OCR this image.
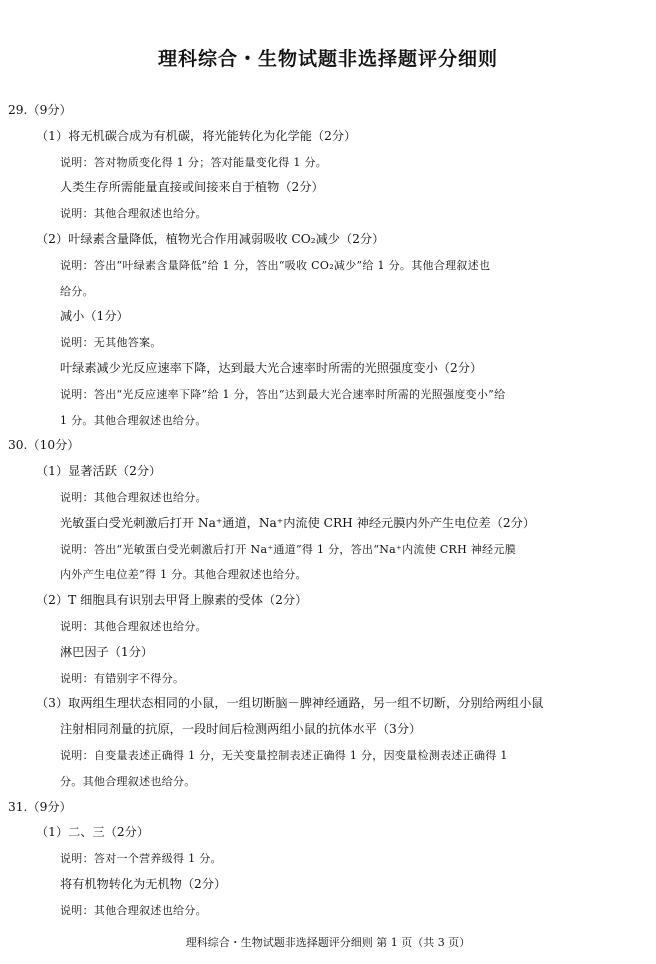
理科综合・生物试题非选择题评分细则
29.（9分）
（1）将无机碳合成为有机碳，将光能转化为化学能（2分）
说明：答对物质变化得 1 分；答对能量变化得 1 分。
人类生存所需能量直接或间接来自于植物（2分）
说明：其他合理叙述也给分。
（2）叶绿素含量降低，植物光合作用减弱吸收 CO₂减少（2分）
说明：答出“叶绿素含量降低”给 1 分，答出“吸收 CO₂减少”给 1 分。其他合理叙述也
给分。
减小（1分）
说明：无其他答案。
叶绿素减少光反应速率下降，达到最大光合速率时所需的光照强度变小（2分）
说明：答出“光反应速率下降”给 1 分，答出“达到最大光合速率时所需的光照强度变小”给
1 分。其他合理叙述也给分。
30.（10分）
（1）显著活跃（2分）
说明：其他合理叙述也给分。
光敏蛋白受光刺激后打开 Na⁺通道，Na⁺内流使 CRH 神经元膜内外产生电位差（2分）
说明：答出“光敏蛋白受光刺激后打开 Na⁺通道”得 1 分，答出“Na⁺内流使 CRH 神经元膜
内外产生电位差”得 1 分。其他合理叙述也给分。
（2）T 细胞具有识别去甲肾上腺素的受体（2分）
说明：其他合理叙述也给分。
淋巴因子（1分）
说明：有错别字不得分。
（3）取两组生理状态相同的小鼠，一组切断脑－脾神经通路，另一组不切断，分别给两组小鼠
注射相同剂量的抗原，一段时间后检测两组小鼠的抗体水平（3分）
说明：自变量表述正确得 1 分，无关变量控制表述正确得 1 分，因变量检测表述正确得 1
分。其他合理叙述也给分。
31.（9分）
（1）二、三（2分）
说明：答对一个营养级得 1 分。
将有机物转化为无机物（2分）
说明：其他合理叙述也给分。
理科综合・生物试题非选择题评分细则 第 1 页（共 3 页）
